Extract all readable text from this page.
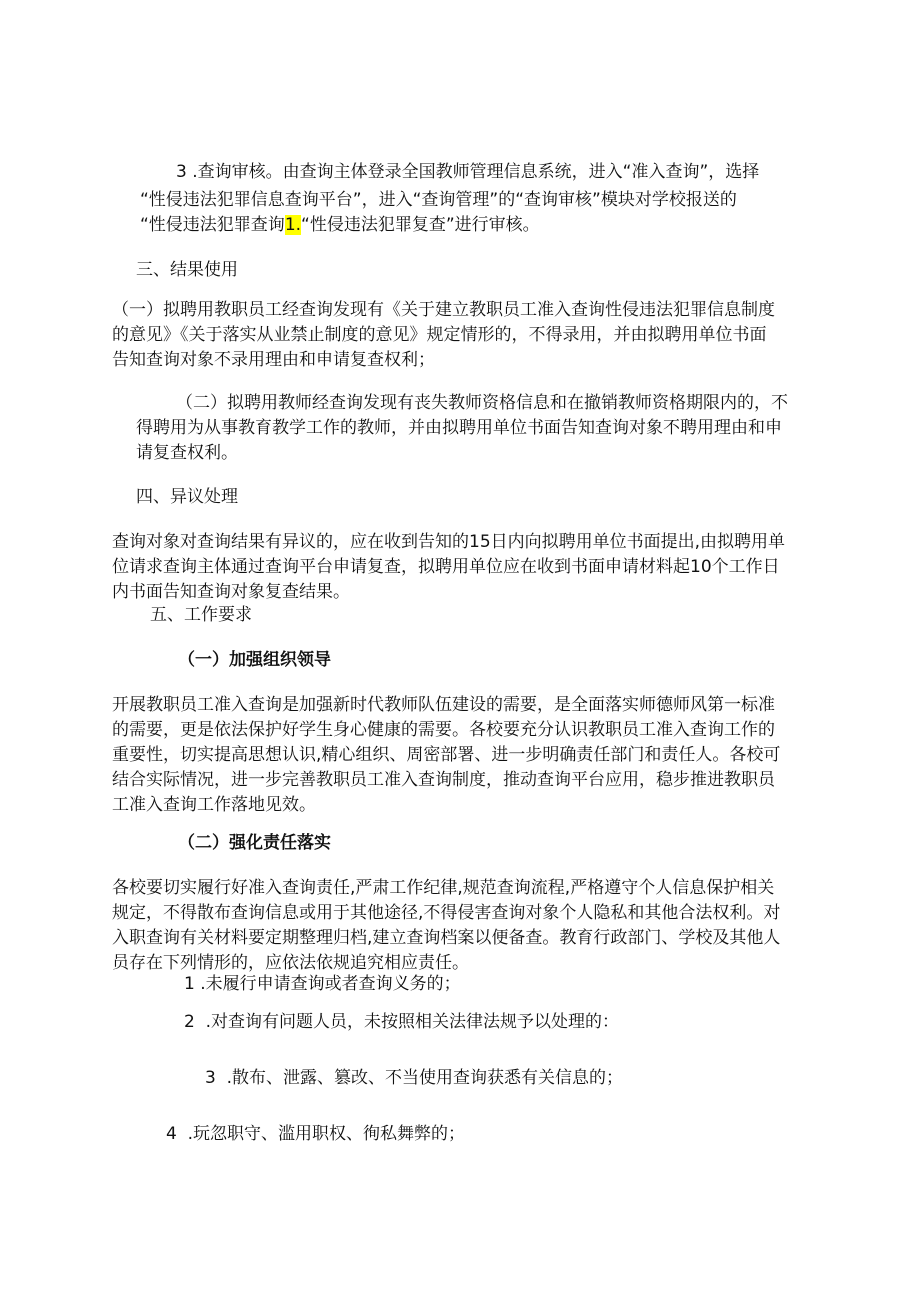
3 .查询审核。由查询主体登录全国教师管理信息系统，进入“准入查询”，选择
“性侵违法犯罪信息查询平台”，进入“查询管理”的“查询审核”模块对学校报送的
“性侵违法犯罪查询1.“性侵违法犯罪复查”进行审核。
三、结果使用
（一）拟聘用教职员工经查询发现有《关于建立教职员工准入查询性侵违法犯罪信息制度
的意见》《关于落实从业禁止制度的意见》规定情形的，不得录用，并由拟聘用单位书面
告知查询对象不录用理由和申请复查权利；
（二）拟聘用教师经查询发现有丧失教师资格信息和在撤销教师资格期限内的，不
得聘用为从事教育教学工作的教师，并由拟聘用单位书面告知查询对象不聘用理由和申
请复查权利。
四、异议处理
查询对象对查询结果有异议的，应在收到告知的15日内向拟聘用单位书面提出,由拟聘用单
位请求查询主体通过查询平台申请复查，拟聘用单位应在收到书面申请材料起10个工作日
内书面告知查询对象复查结果。
五、工作要求
（一）加强组织领导
开展教职员工准入查询是加强新时代教师队伍建设的需要，是全面落实师德师风第一标准
的需要，更是依法保护好学生身心健康的需要。各校要充分认识教职员工准入查询工作的
重要性，切实提高思想认识,精心组织、周密部署、进一步明确责任部门和责任人。各校可
结合实际情况，进一步完善教职员工准入查询制度，推动查询平台应用，稳步推进教职员
工准入查询工作落地见效。
（二）强化责任落实
各校要切实履行好准入查询责任,严肃工作纪律,规范查询流程,严格遵守个人信息保护相关
规定，不得散布查询信息或用于其他途径,不得侵害查询对象个人隐私和其他合法权利。对
入职查询有关材料要定期整理归档,建立查询档案以便备查。教育行政部门、学校及其他人
员存在下列情形的，应依法依规追究相应责任。
1 .未履行申请查询或者查询义务的；
2 .对查询有问题人员，未按照相关法律法规予以处理的：
3 .散布、泄露、篡改、不当使用查询获悉有关信息的；
4 .玩忽职守、滥用职权、徇私舞弊的；
